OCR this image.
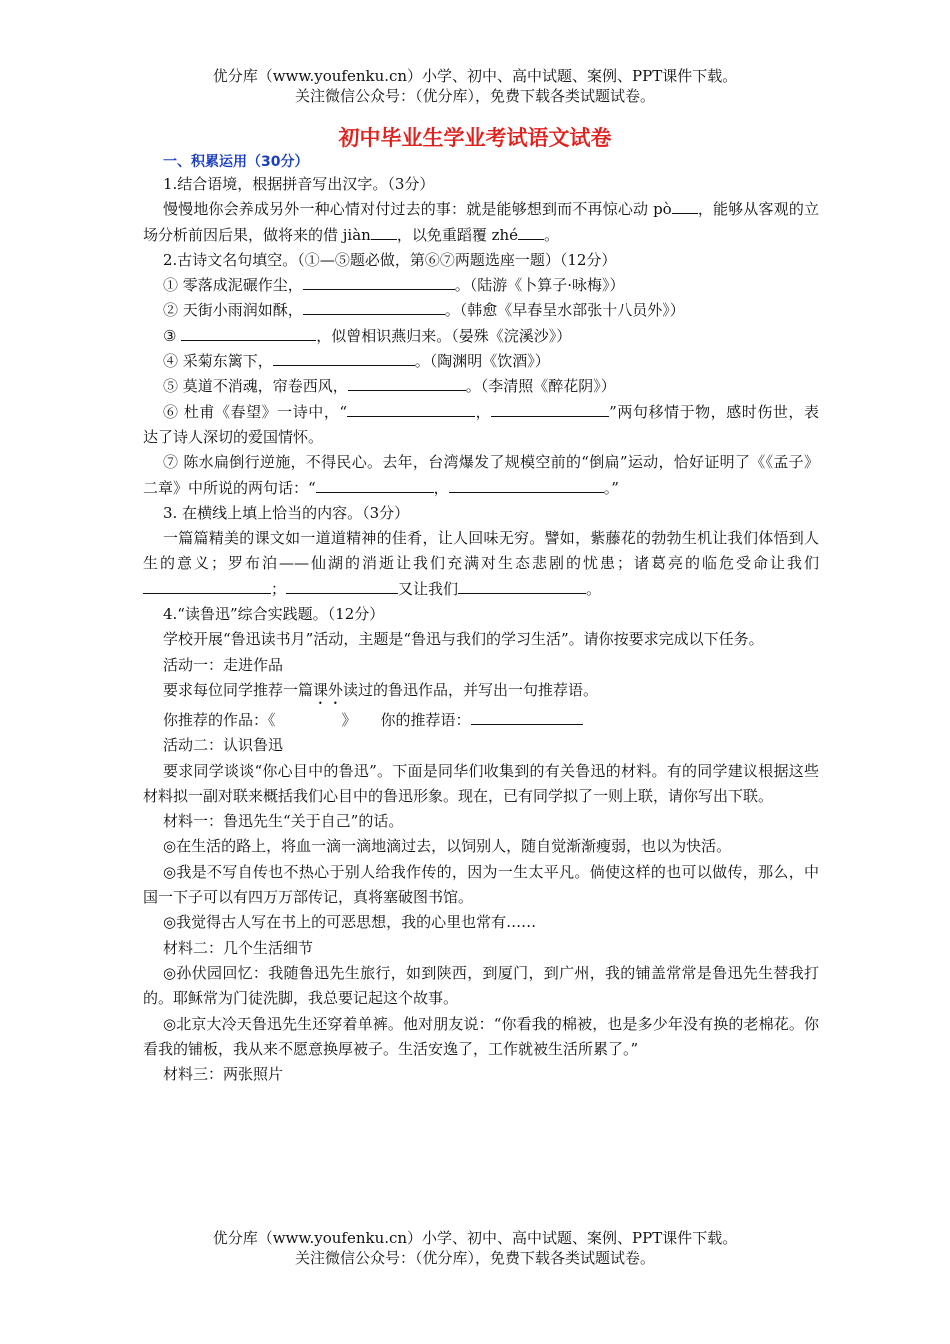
优分库（www.youfenku.cn）小学、初中、高中试题、案例、PPT课件下载。
关注微信公众号：（优分库），免费下载各类试题试卷。
初中毕业生学业考试语文试卷
一、积累运用（30分）

1.结合语境，根据拼音写出汉字。（3分）

慢慢地你会养成另外一种心情对付过去的事：就是能够想到而不再惊心动 pò ，能够从客观的立场分析前因后果，做将来的借 jiàn ，以免重蹈覆 zhé 。

2.古诗文名句填空。（①—⑤题必做，第⑥⑦两题选座一题）（12分）

① 零落成泥碾作尘，	。（陆游《卜算子·咏梅》）

② 天街小雨润如酥，	。（韩愈《早春呈水部张十八员外》）

③	，似曾相识燕归来。（晏殊《浣溪沙》）

④ 采菊东篱下，	。（陶渊明《饮酒》）

⑤ 莫道不消魂，帘卷西风，	。（李清照《醉花阴》）

⑥ 杜甫《春望》一诗中，“	，	”两句移情于物，感时伤世，表达了诗人深切的爱国情怀。

⑦ 陈水扁倒行逆施，不得民心。去年，台湾爆发了规模空前的“倒扁”运动，恰好证明了《《孟子》二章》中所说的两句话：“	，	。”

3. 在横线上填上恰当的内容。（3分）

一篇篇精美的课文如一道道精神的佳肴，让人回味无穷。譬如，紫藤花的勃勃生机让我们体悟到人生的意义；罗布泊——仙湖的消逝让我们充满对生态悲剧的忧患；诸葛亮的临危受命让我们；	又让我们	。

4.“读鲁迅”综合实践题。（12分）

学校开展“鲁迅读书月”活动，主题是“鲁迅与我们的学习生活”。请你按要求完成以下任务。

活动一：走进作品

要求每位同学推荐一篇课外读过的鲁迅作品，并写出一句推荐语。

你推荐的作品：《	》 你的推荐语：

活动二：认识鲁迅

要求同学谈谈“你心目中的鲁迅”。下面是同华们收集到的有关鲁迅的材料。有的同学建议根据这些材料拟一副对联来概括我们心目中的鲁迅形象。现在，已有同学拟了一则上联，请你写出下联。

材料一：鲁迅先生“关于自己”的话。

◎在生活的路上，将血一滴一滴地滴过去，以饲别人，随自觉渐渐瘦弱，也以为快活。

◎我是不写自传也不热心于别人给我作传的，因为一生太平凡。倘使这样的也可以做传，那么，中国一下子可以有四万万部传记，真将塞破图书馆。

◎我觉得古人写在书上的可恶思想，我的心里也常有……

材料二：几个生活细节

◎孙伏园回忆：我随鲁迅先生旅行，如到陕西，到厦门，到广州，我的铺盖常常是鲁迅先生替我打的。耶稣常为门徒洗脚，我总要记起这个故事。

◎北京大冷天鲁迅先生还穿着单裤。他对朋友说：“你看我的棉被，也是多少年没有换的老棉花。你看我的铺板，我从来不愿意换厚被子。生活安逸了，工作就被生活所累了。”

材料三：两张照片

优分库（www.youfenku.cn）小学、初中、高中试题、案例、PPT课件下载。
关注微信公众号：（优分库），免费下载各类试题试卷。
